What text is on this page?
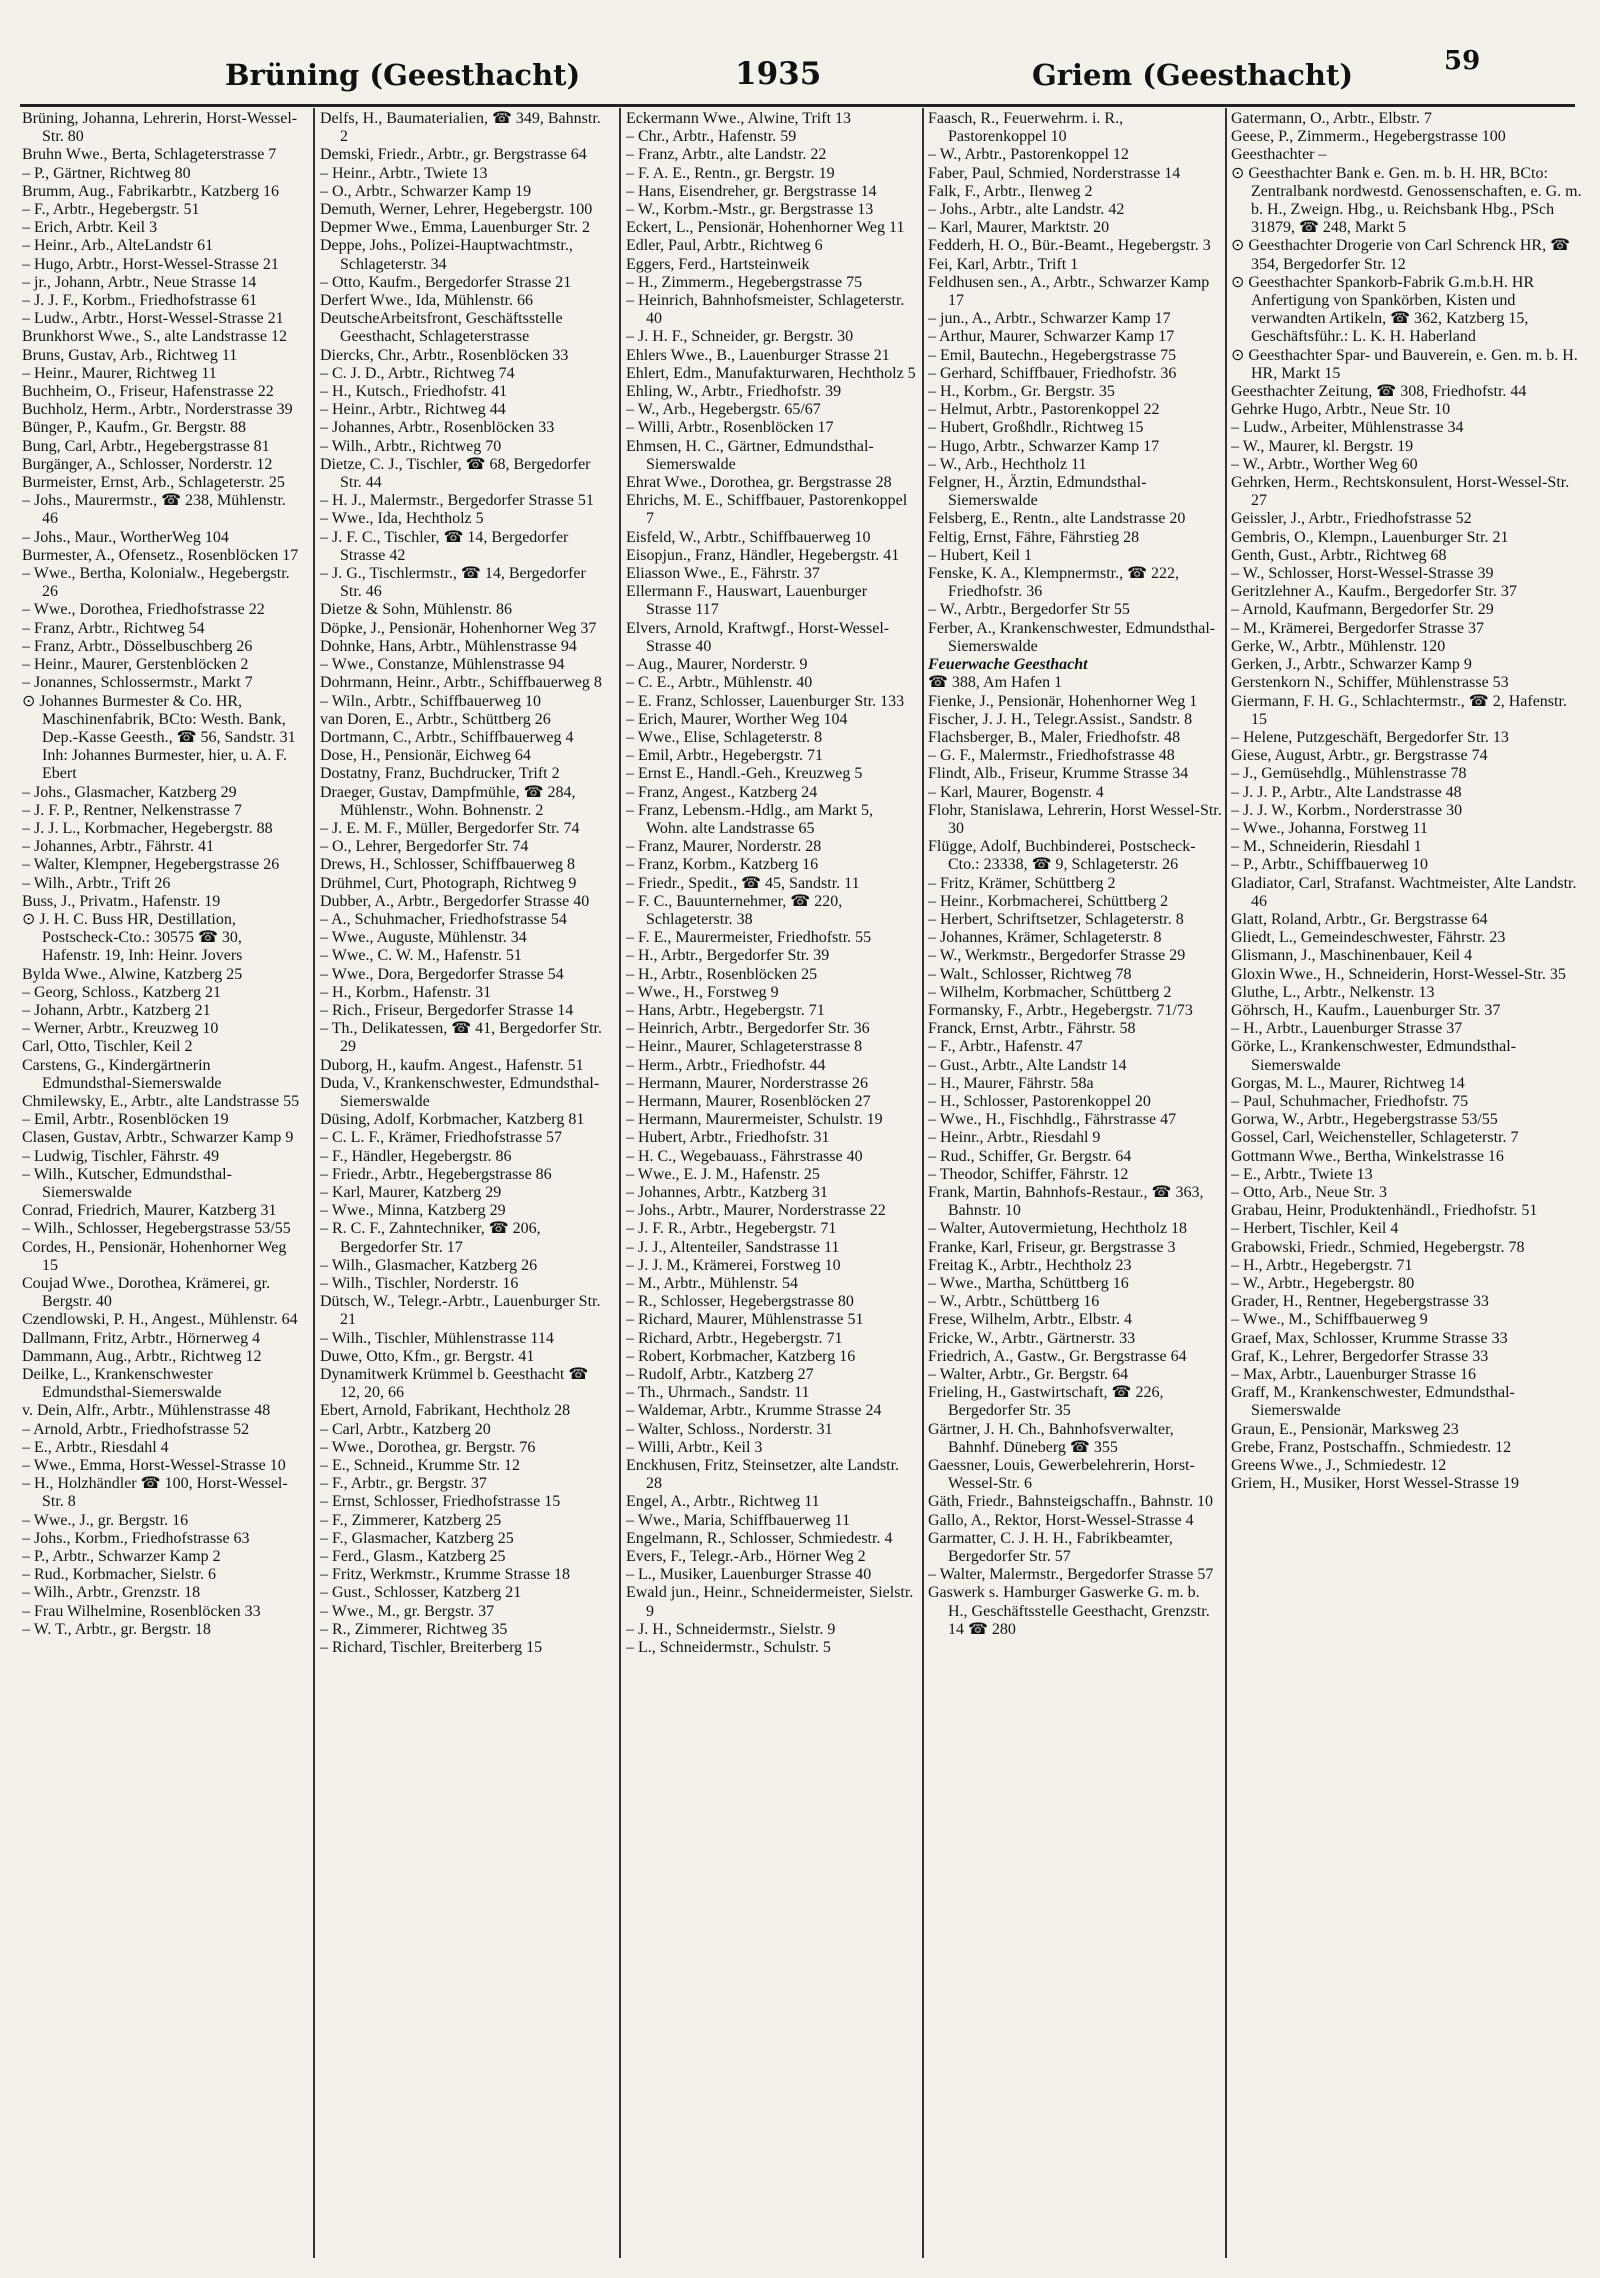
Brüning (Geesthacht)	1935	Griem (Geesthacht)	59
Brüning, Johanna, Lehrerin, Horst-Wessel-Str. 80
Bruhn Wwe., Berta, Schlageterstrasse 7
– P., Gärtner, Richtweg 80
Brumm, Aug., Fabrikarbtr., Katzberg 16
– F., Arbtr., Hegebergstr. 51
– Erich, Arbtr. Keil 3
– Heinr., Arb., AlteLandstr 61
– Hugo, Arbtr., Horst-Wessel-Strasse 21
– jr., Johann, Arbtr., Neue Strasse 14
– J. J. F., Korbm., Friedhofstrasse 61
– Ludw., Arbtr., Horst-Wessel-Strasse 21
Brunkhorst Wwe., S., alte Landstrasse 12
Bruns, Gustav, Arb., Richtweg 11
– Heinr., Maurer, Richtweg 11
Buchheim, O., Friseur, Hafenstrasse 22
Buchholz, Herm., Arbtr., Norderstrasse 39
Bünger, P., Kaufm., Gr. Bergstr. 88
Bung, Carl, Arbtr., Hegebergstrasse 81
Burgänger, A., Schlosser, Norderstr. 12
Burmeister, Ernst, Arb., Schlageterstr. 25
– Johs., Maurermstr., ☎ 238, Mühlenstr. 46
– Johs., Maur., WortherWeg 104
Burmester, A., Ofensetz., Rosenblöcken 17
– Wwe., Bertha, Kolonialw., Hegebergstr. 26
– Wwe., Dorothea, Friedhofstrasse 22
– Franz, Arbtr., Richtweg 54
– Franz, Arbtr., Dösselbuschberg 26
– Heinr., Maurer, Gerstenblöcken 2
– Jonannes, Schlossermstr., Markt 7
⊙ Johannes Burmester & Co. HR, Maschinenfabrik, BCto: Westh. Bank, Dep.-Kasse Geesth., ☎ 56, Sandstr. 31 Inh: Johannes Burmester, hier, u. A. F. Ebert
– Johs., Glasmacher, Katzberg 29
– J. F. P., Rentner, Nelkenstrasse 7
– J. J. L., Korbmacher, Hegebergstr. 88
– Johannes, Arbtr., Fährstr. 41
– Walter, Klempner, Hegebergstrasse 26
– Wilh., Arbtr., Trift 26
Buss, J., Privatm., Hafenstr. 19
⊙ J. H. C. Buss HR, Destillation, Postscheck-Cto.: 30575 ☎ 30, Hafenstr. 19, Inh: Heinr. Jovers
Bylda Wwe., Alwine, Katzberg 25
– Georg, Schloss., Katzberg 21
– Johann, Arbtr., Katzberg 21
– Werner, Arbtr., Kreuzweg 10
Carl, Otto, Tischler, Keil 2
Carstens, G., Kindergärtnerin Edmundsthal-Siemerswalde
Chmilewsky, E., Arbtr., alte Landstrasse 55
– Emil, Arbtr., Rosenblöcken 19
Clasen, Gustav, Arbtr., Schwarzer Kamp 9
– Ludwig, Tischler, Fährstr. 49
– Wilh., Kutscher, Edmundsthal-Siemerswalde
Conrad, Friedrich, Maurer, Katzberg 31
– Wilh., Schlosser, Hegebergstrasse 53/55
Cordes, H., Pensionär, Hohenhorner Weg 15
Coujad Wwe., Dorothea, Krämerei, gr. Bergstr. 40
Czendlowski, P. H., Angest., Mühlenstr. 64
Dallmann, Fritz, Arbtr., Hörnerweg 4
Dammann, Aug., Arbtr., Richtweg 12
Deilke, L., Krankenschwester Edmundsthal-Siemerswalde
v. Dein, Alfr., Arbtr., Mühlenstrasse 48
– Arnold, Arbtr., Friedhofstrasse 52
– E., Arbtr., Riesdahl 4
– Wwe., Emma, Horst-Wessel-Strasse 10
– H., Holzhändler ☎ 100, Horst-Wessel-Str. 8
– Wwe., J., gr. Bergstr. 16
– Johs., Korbm., Friedhofstrasse 63
– P., Arbtr., Schwarzer Kamp 2
– Rud., Korbmacher, Sielstr. 6
– Wilh., Arbtr., Grenzstr. 18
– Frau Wilhelmine, Rosenblöcken 33
– W. T., Arbtr., gr. Bergstr. 18
Delfs, H., Baumaterialien, ☎ 349, Bahnstr. 2
Demski, Friedr., Arbtr., gr. Bergstrasse 64
– Heinr., Arbtr., Twiete 13
– O., Arbtr., Schwarzer Kamp 19
Demuth, Werner, Lehrer, Hegebergstr. 100
Depmer Wwe., Emma, Lauenburger Str. 2
Deppe, Johs., Polizei-Hauptwachtmstr., Schlageterstr. 34
– Otto, Kaufm., Bergedorfer Strasse 21
Derfert Wwe., Ida, Mühlenstr. 66
DeutscheArbeitsfront, Geschäftsstelle Geesthacht, Schlageterstrasse
Diercks, Chr., Arbtr., Rosenblöcken 33
– C. J. D., Arbtr., Richtweg 74
– H., Kutsch., Friedhofstr. 41
– Heinr., Arbtr., Richtweg 44
– Johannes, Arbtr., Rosenblöcken 33
– Wilh., Arbtr., Richtweg 70
Dietze, C. J., Tischler, ☎ 68, Bergedorfer Str. 44
– H. J., Malermstr., Bergedorfer Strasse 51
– Wwe., Ida, Hechtholz 5
– J. F. C., Tischler, ☎ 14, Bergedorfer Strasse 42
– J. G., Tischlermstr., ☎ 14, Bergedorfer Str. 46
Dietze & Sohn, Mühlenstr. 86
Döpke, J., Pensionär, Hohenhorner Weg 37
Dohnke, Hans, Arbtr., Mühlenstrasse 94
– Wwe., Constanze, Mühlenstrasse 94
Dohrmann, Heinr., Arbtr., Schiffbauerweg 8
– Wiln., Arbtr., Schiffbauerweg 10
van Doren, E., Arbtr., Schüttberg 26
Dortmann, C., Arbtr., Schiffbauerweg 4
Dose, H., Pensionär, Eichweg 64
Dostatny, Franz, Buchdrucker, Trift 2
Draeger, Gustav, Dampfmühle, ☎ 284, Mühlenstr., Wohn. Bohnenstr. 2
– J. E. M. F., Müller, Bergedorfer Str. 74
– O., Lehrer, Bergedorfer Str. 74
Drews, H., Schlosser, Schiffbauerweg 8
Drühmel, Curt, Photograph, Richtweg 9
Dubber, A., Arbtr., Bergedorfer Strasse 40
– A., Schuhmacher, Friedhofstrasse 54
– Wwe., Auguste, Mühlenstr. 34
– Wwe., C. W. M., Hafenstr. 51
– Wwe., Dora, Bergedorfer Strasse 54
– H., Korbm., Hafenstr. 31
– Rich., Friseur, Bergedorfer Strasse 14
– Th., Delikatessen, ☎ 41, Bergedorfer Str. 29
Duborg, H., kaufm. Angest., Hafenstr. 51
Duda, V., Krankenschwester, Edmundsthal-Siemerswalde
Düsing, Adolf, Korbmacher, Katzberg 81
– C. L. F., Krämer, Friedhofstrasse 57
– F., Händler, Hegebergstr. 86
– Friedr., Arbtr., Hegebergstrasse 86
– Karl, Maurer, Katzberg 29
– Wwe., Minna, Katzberg 29
– R. C. F., Zahntechniker, ☎ 206, Bergedorfer Str. 17
– Wilh., Glasmacher, Katzberg 26
– Wilh., Tischler, Norderstr. 16
Dütsch, W., Telegr.-Arbtr., Lauenburger Str. 21
– Wilh., Tischler, Mühlenstrasse 114
Duwe, Otto, Kfm., gr. Bergstr. 41
Dynamitwerk Krümmel b. Geesthacht ☎ 12, 20, 66
Ebert, Arnold, Fabrikant, Hechtholz 28
– Carl, Arbtr., Katzberg 20
– Wwe., Dorothea, gr. Bergstr. 76
– E., Schneid., Krumme Str. 12
– F., Arbtr., gr. Bergstr. 37
– Ernst, Schlosser, Friedhofstrasse 15
– F., Zimmerer, Katzberg 25
– F., Glasmacher, Katzberg 25
– Ferd., Glasm., Katzberg 25
– Fritz, Werkmstr., Krumme Strasse 18
– Gust., Schlosser, Katzberg 21
– Wwe., M., gr. Bergstr. 37
– R., Zimmerer, Richtweg 35
– Richard, Tischler, Breiterberg 15
Eckermann Wwe., Alwine, Trift 13
– Chr., Arbtr., Hafenstr. 59
– Franz, Arbtr., alte Landstr. 22
– F. A. E., Rentn., gr. Bergstr. 19
– Hans, Eisendreher, gr. Bergstrasse 14
– W., Korbm.-Mstr., gr. Bergstrasse 13
Eckert, L., Pensionär, Hohenhorner Weg 11
Edler, Paul, Arbtr., Richtweg 6
Eggers, Ferd., Hartsteinweik
– H., Zimmerm., Hegebergstrasse 75
– Heinrich, Bahnhofsmeister, Schlageterstr. 40
– J. H. F., Schneider, gr. Bergstr. 30
Ehlers Wwe., B., Lauenburger Strasse 21
Ehlert, Edm., Manufakturwaren, Hechtholz 5
Ehling, W., Arbtr., Friedhofstr. 39
– W., Arb., Hegebergstr. 65/67
– Willi, Arbtr., Rosenblöcken 17
Ehmsen, H. C., Gärtner, Edmundsthal-Siemerswalde
Ehrat Wwe., Dorothea, gr. Bergstrasse 28
Ehrichs, M. E., Schiffbauer, Pastorenkoppel 7
Eisfeld, W., Arbtr., Schiffbauerweg 10
Eisopjun., Franz, Händler, Hegebergstr. 41
Eliasson Wwe., E., Fährstr. 37
Ellermann F., Hauswart, Lauenburger Strasse 117
Elvers, Arnold, Kraftwgf., Horst-Wessel-Strasse 40
– Aug., Maurer, Norderstr. 9
– C. E., Arbtr., Mühlenstr. 40
– E. Franz, Schlosser, Lauenburger Str. 133
– Erich, Maurer, Worther Weg 104
– Wwe., Elise, Schlageterstr. 8
– Emil, Arbtr., Hegebergstr. 71
– Ernst E., Handl.-Geh., Kreuzweg 5
– Franz, Angest., Katzberg 24
– Franz, Lebensm.-Hdlg., am Markt 5, Wohn. alte Landstrasse 65
– Franz, Maurer, Norderstr. 28
– Franz, Korbm., Katzberg 16
– Friedr., Spedit., ☎ 45, Sandstr. 11
– F. C., Bauunternehmer, ☎ 220, Schlageterstr. 38
– F. E., Maurermeister, Friedhofstr. 55
– H., Arbtr., Bergedorfer Str. 39
– H., Arbtr., Rosenblöcken 25
– Wwe., H., Forstweg 9
– Hans, Arbtr., Hegebergstr. 71
– Heinrich, Arbtr., Bergedorfer Str. 36
– Heinr., Maurer, Schlageterstrasse 8
– Herm., Arbtr., Friedhofstr. 44
– Hermann, Maurer, Norderstrasse 26
– Hermann, Maurer, Rosenblöcken 27
– Hermann, Maurermeister, Schulstr. 19
– Hubert, Arbtr., Friedhofstr. 31
– H. C., Wegebauass., Fährstrasse 40
– Wwe., E. J. M., Hafenstr. 25
– Johannes, Arbtr., Katzberg 31
– Johs., Arbtr., Maurer, Norderstrasse 22
– J. F. R., Arbtr., Hegebergstr. 71
– J. J., Altenteiler, Sandstrasse 11
– J. J. M., Krämerei, Forstweg 10
– M., Arbtr., Mühlenstr. 54
– R., Schlosser, Hegebergstrasse 80
– Richard, Maurer, Mühlenstrasse 51
– Richard, Arbtr., Hegebergstr. 71
– Robert, Korbmacher, Katzberg 16
– Rudolf, Arbtr., Katzberg 27
– Th., Uhrmach., Sandstr. 11
– Waldemar, Arbtr., Krumme Strasse 24
– Walter, Schloss., Norderstr. 31
– Willi, Arbtr., Keil 3
Enckhusen, Fritz, Steinsetzer, alte Landstr. 28
Engel, A., Arbtr., Richtweg 11
– Wwe., Maria, Schiffbauerweg 11
Engelmann, R., Schlosser, Schmiedestr. 4
Evers, F., Telegr.-Arb., Hörner Weg 2
– L., Musiker, Lauenburger Strasse 40
Ewald jun., Heinr., Schneidermeister, Sielstr. 9
– J. H., Schneidermstr., Sielstr. 9
– L., Schneidermstr., Schulstr. 5
Faasch, R., Feuerwehrm. i. R., Pastorenkoppel 10
– W., Arbtr., Pastorenkoppel 12
Faber, Paul, Schmied, Norderstrasse 14
Falk, F., Arbtr., Ilenweg 2
– Johs., Arbtr., alte Landstr. 42
– Karl, Maurer, Marktstr. 20
Fedderh, H. O., Bür.-Beamt., Hegebergstr. 3
Fei, Karl, Arbtr., Trift 1
Feldhusen sen., A., Arbtr., Schwarzer Kamp 17
– jun., A., Arbtr., Schwarzer Kamp 17
– Arthur, Maurer, Schwarzer Kamp 17
– Emil, Bautechn., Hegebergstrasse 75
– Gerhard, Schiffbauer, Friedhofstr. 36
– H., Korbm., Gr. Bergstr. 35
– Helmut, Arbtr., Pastorenkoppel 22
– Hubert, Großhdlr., Richtweg 15
– Hugo, Arbtr., Schwarzer Kamp 17
– W., Arb., Hechtholz 11
Felgner, H., Ärztin, Edmundsthal-Siemerswalde
Felsberg, E., Rentn., alte Landstrasse 20
Feltig, Ernst, Fähre, Fährstieg 28
– Hubert, Keil 1
Fenske, K. A., Klempnermstr., ☎ 222, Friedhofstr. 36
– W., Arbtr., Bergedorfer Str 55
Ferber, A., Krankenschwester, Edmundsthal-Siemerswalde
Feuerwache Geesthacht
☎ 388, Am Hafen 1
Fienke, J., Pensionär, Hohenhorner Weg 1
Fischer, J. J. H., Telegr.Assist., Sandstr. 8
Flachsberger, B., Maler, Friedhofstr. 48
– G. F., Malermstr., Friedhofstrasse 48
Flindt, Alb., Friseur, Krumme Strasse 34
– Karl, Maurer, Bogenstr. 4
Flohr, Stanislawa, Lehrerin, Horst Wessel-Str. 30
Flügge, Adolf, Buchbinderei, Postscheck-Cto.: 23338, ☎ 9, Schlageterstr. 26
– Fritz, Krämer, Schüttberg 2
– Heinr., Korbmacherei, Schüttberg 2
– Herbert, Schriftsetzer, Schlageterstr. 8
– Johannes, Krämer, Schlageterstr. 8
– W., Werkmstr., Bergedorfer Strasse 29
– Walt., Schlosser, Richtweg 78
– Wilhelm, Korbmacher, Schüttberg 2
Formansky, F., Arbtr., Hegebergstr. 71/73
Franck, Ernst, Arbtr., Fährstr. 58
– F., Arbtr., Hafenstr. 47
– Gust., Arbtr., Alte Landstr 14
– H., Maurer, Fährstr. 58a
– H., Schlosser, Pastorenkoppel 20
– Wwe., H., Fischhdlg., Fährstrasse 47
– Heinr., Arbtr., Riesdahl 9
– Rud., Schiffer, Gr. Bergstr. 64
– Theodor, Schiffer, Fährstr. 12
Frank, Martin, Bahnhofs-Restaur., ☎ 363, Bahnstr. 10
– Walter, Autovermietung, Hechtholz 18
Franke, Karl, Friseur, gr. Bergstrasse 3
Freitag K., Arbtr., Hechtholz 23
– Wwe., Martha, Schüttberg 16
– W., Arbtr., Schüttberg 16
Frese, Wilhelm, Arbtr., Elbstr. 4
Fricke, W., Arbtr., Gärtnerstr. 33
Friedrich, A., Gastw., Gr. Bergstrasse 64
– Walter, Arbtr., Gr. Bergstr. 64
Frieling, H., Gastwirtschaft, ☎ 226, Bergedorfer Str. 35
Gärtner, J. H. Ch., Bahnhofsverwalter, Bahnhf. Düneberg ☎ 355
Gaessner, Louis, Gewerbelehrerin, Horst-Wessel-Str. 6
Gäth, Friedr., Bahnsteigschaffn., Bahnstr. 10
Gallo, A., Rektor, Horst-Wessel-Strasse 4
Garmatter, C. J. H. H., Fabrikbeamter, Bergedorfer Str. 57
– Walter, Malermstr., Bergedorfer Strasse 57
Gaswerk s. Hamburger Gaswerke G. m. b. H., Geschäftsstelle Geesthacht, Grenzstr. 14 ☎ 280
Gatermann, O., Arbtr., Elbstr. 7
Geese, P., Zimmerm., Hegebergstrasse 100
Geesthachter –
⊙ Geesthachter Bank e. Gen. m. b. H. HR, BCto: Zentralbank nordwestd. Genossenschaften, e. G. m. b. H., Zweign. Hbg., u. Reichsbank Hbg., PSch 31879, ☎ 248, Markt 5
⊙ Geesthachter Drogerie von Carl Schrenck HR, ☎ 354, Bergedorfer Str. 12
⊙ Geesthachter Spankorb-Fabrik G.m.b.H. HR Anfertigung von Spankörben, Kisten und verwandten Artikeln, ☎ 362, Katzberg 15, Geschäftsführ.: L. K. H. Haberland
⊙ Geesthachter Spar- und Bauverein, e. Gen. m. b. H. HR, Markt 15
Geesthachter Zeitung, ☎ 308, Friedhofstr. 44
Gehrke Hugo, Arbtr., Neue Str. 10
– Ludw., Arbeiter, Mühlenstrasse 34
– W., Maurer, kl. Bergstr. 19
– W., Arbtr., Worther Weg 60
Gehrken, Herm., Rechtskonsulent, Horst-Wessel-Str. 27
Geissler, J., Arbtr., Friedhofstrasse 52
Gembris, O., Klempn., Lauenburger Str. 21
Genth, Gust., Arbtr., Richtweg 68
– W., Schlosser, Horst-Wessel-Strasse 39
Geritzlehner A., Kaufm., Bergedorfer Str. 37
– Arnold, Kaufmann, Bergedorfer Str. 29
– M., Krämerei, Bergedorfer Strasse 37
Gerke, W., Arbtr., Mühlenstr. 120
Gerken, J., Arbtr., Schwarzer Kamp 9
Gerstenkorn N., Schiffer, Mühlenstrasse 53
Giermann, F. H. G., Schlachtermstr., ☎ 2, Hafenstr. 15
– Helene, Putzgeschäft, Bergedorfer Str. 13
Giese, August, Arbtr., gr. Bergstrasse 74
– J., Gemüsehdlg., Mühlenstrasse 78
– J. J. P., Arbtr., Alte Landstrasse 48
– J. J. W., Korbm., Norderstrasse 30
– Wwe., Johanna, Forstweg 11
– M., Schneiderin, Riesdahl 1
– P., Arbtr., Schiffbauerweg 10
Gladiator, Carl, Strafanst. Wachtmeister, Alte Landstr. 46
Glatt, Roland, Arbtr., Gr. Bergstrasse 64
Gliedt, L., Gemeindeschwester, Fährstr. 23
Glismann, J., Maschinenbauer, Keil 4
Gloxin Wwe., H., Schneiderin, Horst-Wessel-Str. 35
Gluthe, L., Arbtr., Nelkenstr. 13
Göhrsch, H., Kaufm., Lauenburger Str. 37
– H., Arbtr., Lauenburger Strasse 37
Görke, L., Krankenschwester, Edmundsthal-Siemerswalde
Gorgas, M. L., Maurer, Richtweg 14
– Paul, Schuhmacher, Friedhofstr. 75
Gorwa, W., Arbtr., Hegebergstrasse 53/55
Gossel, Carl, Weichensteller, Schlageterstr. 7
Gottmann Wwe., Bertha, Winkelstrasse 16
– E., Arbtr., Twiete 13
– Otto, Arb., Neue Str. 3
Grabau, Heinr, Produktenhändl., Friedhofstr. 51
– Herbert, Tischler, Keil 4
Grabowski, Friedr., Schmied, Hegebergstr. 78
– H., Arbtr., Hegebergstr. 71
– W., Arbtr., Hegebergstr. 80
Grader, H., Rentner, Hegebergstrasse 33
– Wwe., M., Schiffbauerweg 9
Graef, Max, Schlosser, Krumme Strasse 33
Graf, K., Lehrer, Bergedorfer Strasse 33
– Max, Arbtr., Lauenburger Strasse 16
Graff, M., Krankenschwester, Edmundsthal-Siemerswalde
Graun, E., Pensionär, Marksweg 23
Grebe, Franz, Postschaffn., Schmiedestr. 12
Greens Wwe., J., Schmiedestr. 12
Griem, H., Musiker, Horst Wessel-Strasse 19
